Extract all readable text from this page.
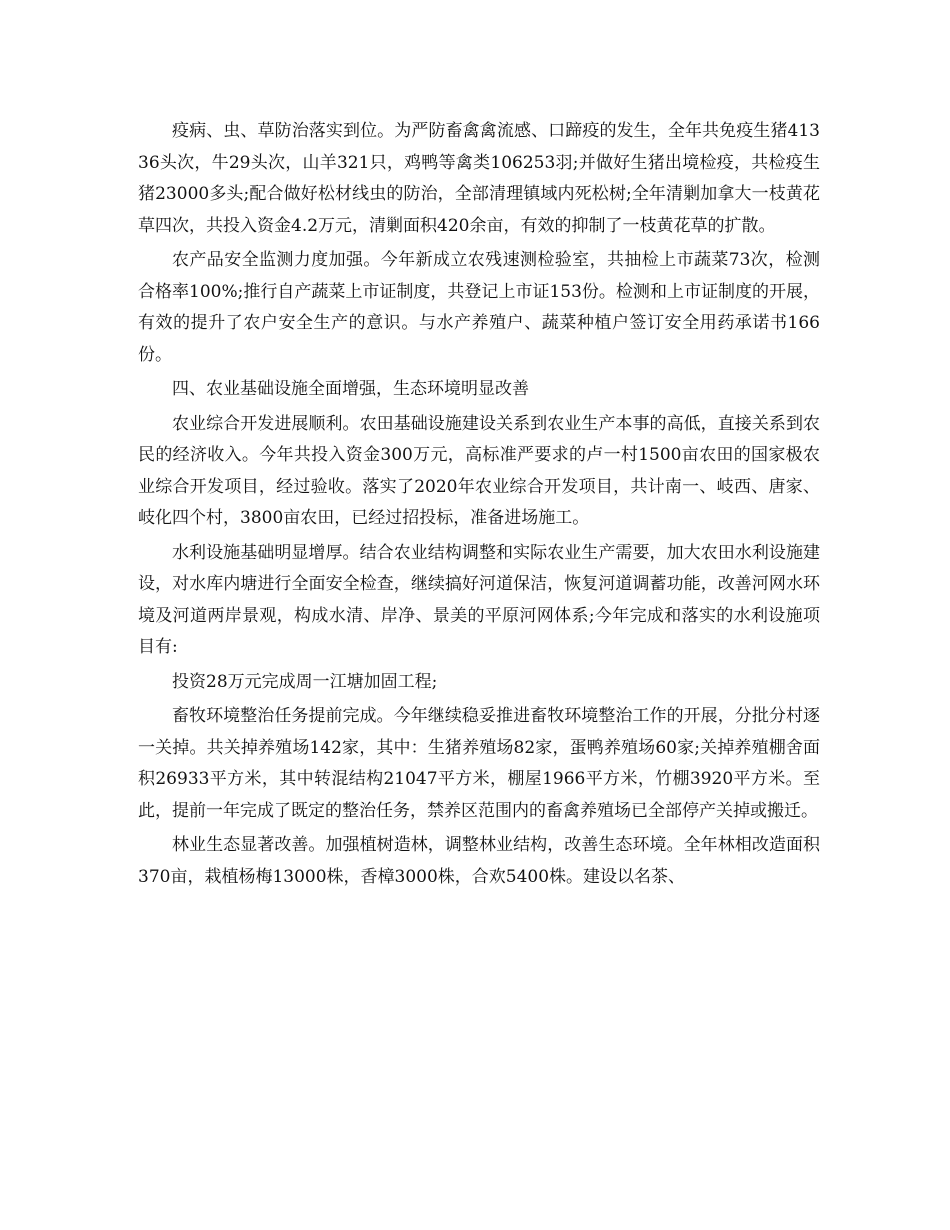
疫病、虫、草防治落实到位。为严防畜禽禽流感、口蹄疫的发生，全年共免疫生猪41336头次，牛29头次，山羊321只，鸡鸭等禽类106253羽;并做好生猪出境检疫，共检疫生猪23000多头;配合做好松材线虫的防治，全部清理镇域内死松树;全年清剿加拿大一枝黄花草四次，共投入资金4.2万元，清剿面积420余亩，有效的抑制了一枝黄花草的扩散。

农产品安全监测力度加强。今年新成立农残速测检验室，共抽检上市蔬菜73次，检测合格率100%;推行自产蔬菜上市证制度，共登记上市证153份。检测和上市证制度的开展，有效的提升了农户安全生产的意识。与水产养殖户、蔬菜种植户签订安全用药承诺书166份。

四、农业基础设施全面增强，生态环境明显改善

农业综合开发进展顺利。农田基础设施建设关系到农业生产本事的高低，直接关系到农民的经济收入。今年共投入资金300万元，高标准严要求的卢一村1500亩农田的国家极农业综合开发项目，经过验收。落实了2020年农业综合开发项目，共计南一、岐西、唐家、岐化四个村，3800亩农田，已经过招投标，准备进场施工。

水利设施基础明显增厚。结合农业结构调整和实际农业生产需要，加大农田水利设施建设，对水库内塘进行全面安全检查，继续搞好河道保洁，恢复河道调蓄功能，改善河网水环境及河道两岸景观，构成水清、岸净、景美的平原河网体系;今年完成和落实的水利设施项目有:

投资28万元完成周一江塘加固工程;

畜牧环境整治任务提前完成。今年继续稳妥推进畜牧环境整治工作的开展，分批分村逐一关掉。共关掉养殖场142家，其中：生猪养殖场82家，蛋鸭养殖场60家;关掉养殖棚舍面积26933平方米，其中转混结构21047平方米，棚屋1966平方米，竹棚3920平方米。至此，提前一年完成了既定的整治任务，禁养区范围内的畜禽养殖场已全部停产关掉或搬迁。

林业生态显著改善。加强植树造林，调整林业结构，改善生态环境。全年林相改造面积370亩，栽植杨梅13000株，香樟3000株，合欢5400株。建设以名茶、
